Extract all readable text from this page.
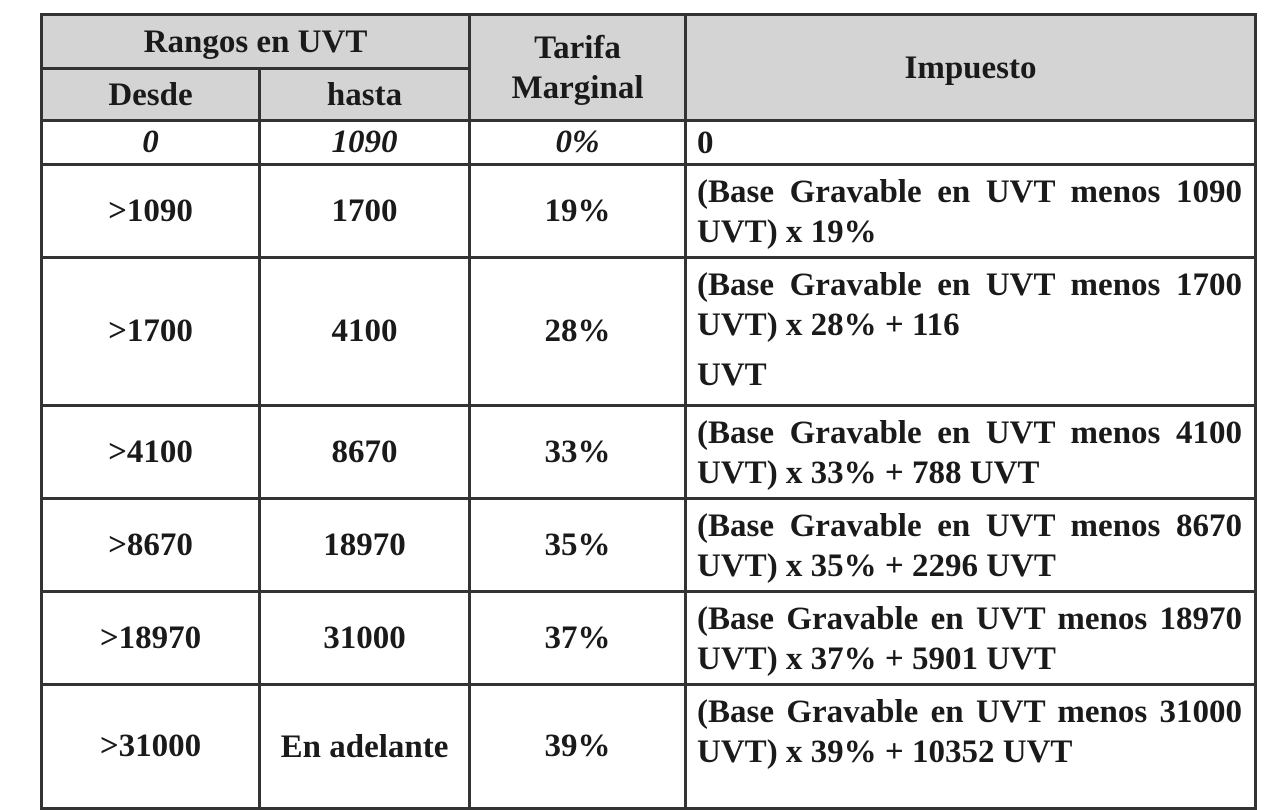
Rangos en UVT		Tarifa Marginal	Impuesto
Desde	hasta		
0	1090	0%	0
>1090	1700	19%	(Base Gravable en UVT menos 1090 UVT) x 19%
>1700	4100	28%	(Base Gravable en UVT menos 1700 UVT) x 28% + 116
UVT

>4100	8670	33%	(Base Gravable en UVT menos 4100 UVT) x 33% + 788 UVT
>8670	18970	35%	(Base Gravable en UVT menos 8670 UVT) x 35% + 2296 UVT
>18970	31000	37%	(Base Gravable en UVT menos 18970 UVT) x 37% + 5901 UVT
>31000	En adelante	39%	(Base Gravable en UVT menos 31000 UVT) x 39% + 10352 UVT
